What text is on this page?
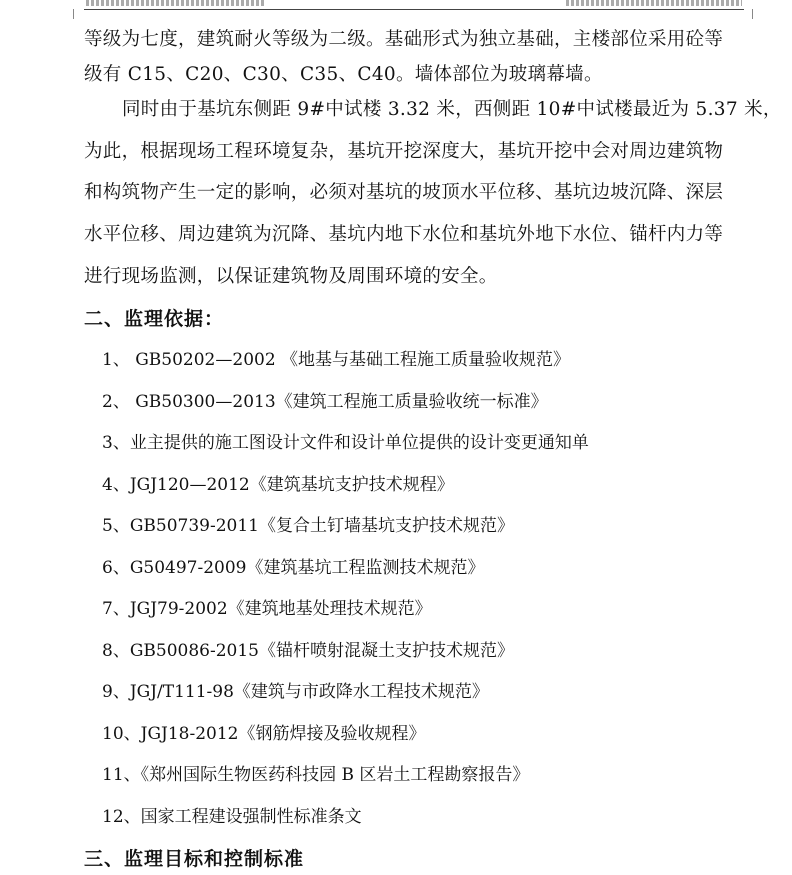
等级为七度，建筑耐火等级为二级。基础形式为独立基础，主楼部位采用砼等
级有 C15、C20、C30、C35、C40。墙体部位为玻璃幕墙。
同时由于基坑东侧距 9#中试楼 3.32 米，西侧距 10#中试楼最近为 5.37 米，
为此，根据现场工程环境复杂，基坑开挖深度大，基坑开挖中会对周边建筑物
和构筑物产生一定的影响，必须对基坑的坡顶水平位移、基坑边坡沉降、深层
水平位移、周边建筑为沉降、基坑内地下水位和基坑外地下水位、锚杆内力等
进行现场监测，以保证建筑物及周围环境的安全。
二、监理依据：
1、 GB50202—2002 《地基与基础工程施工质量验收规范》
2、 GB50300—2013《建筑工程施工质量验收统一标准》
3、业主提供的施工图设计文件和设计单位提供的设计变更通知单
4、JGJ120—2012《建筑基坑支护技术规程》
5、GB50739-2011《复合土钉墙基坑支护技术规范》
6、G50497-2009《建筑基坑工程监测技术规范》
7、JGJ79-2002《建筑地基处理技术规范》
8、GB50086-2015《锚杆喷射混凝土支护技术规范》
9、JGJ/T111-98《建筑与市政降水工程技术规范》
10、JGJ18-2012《钢筋焊接及验收规程》
11、《郑州国际生物医药科技园 B 区岩土工程勘察报告》
12、国家工程建设强制性标准条文
三、监理目标和控制标准
